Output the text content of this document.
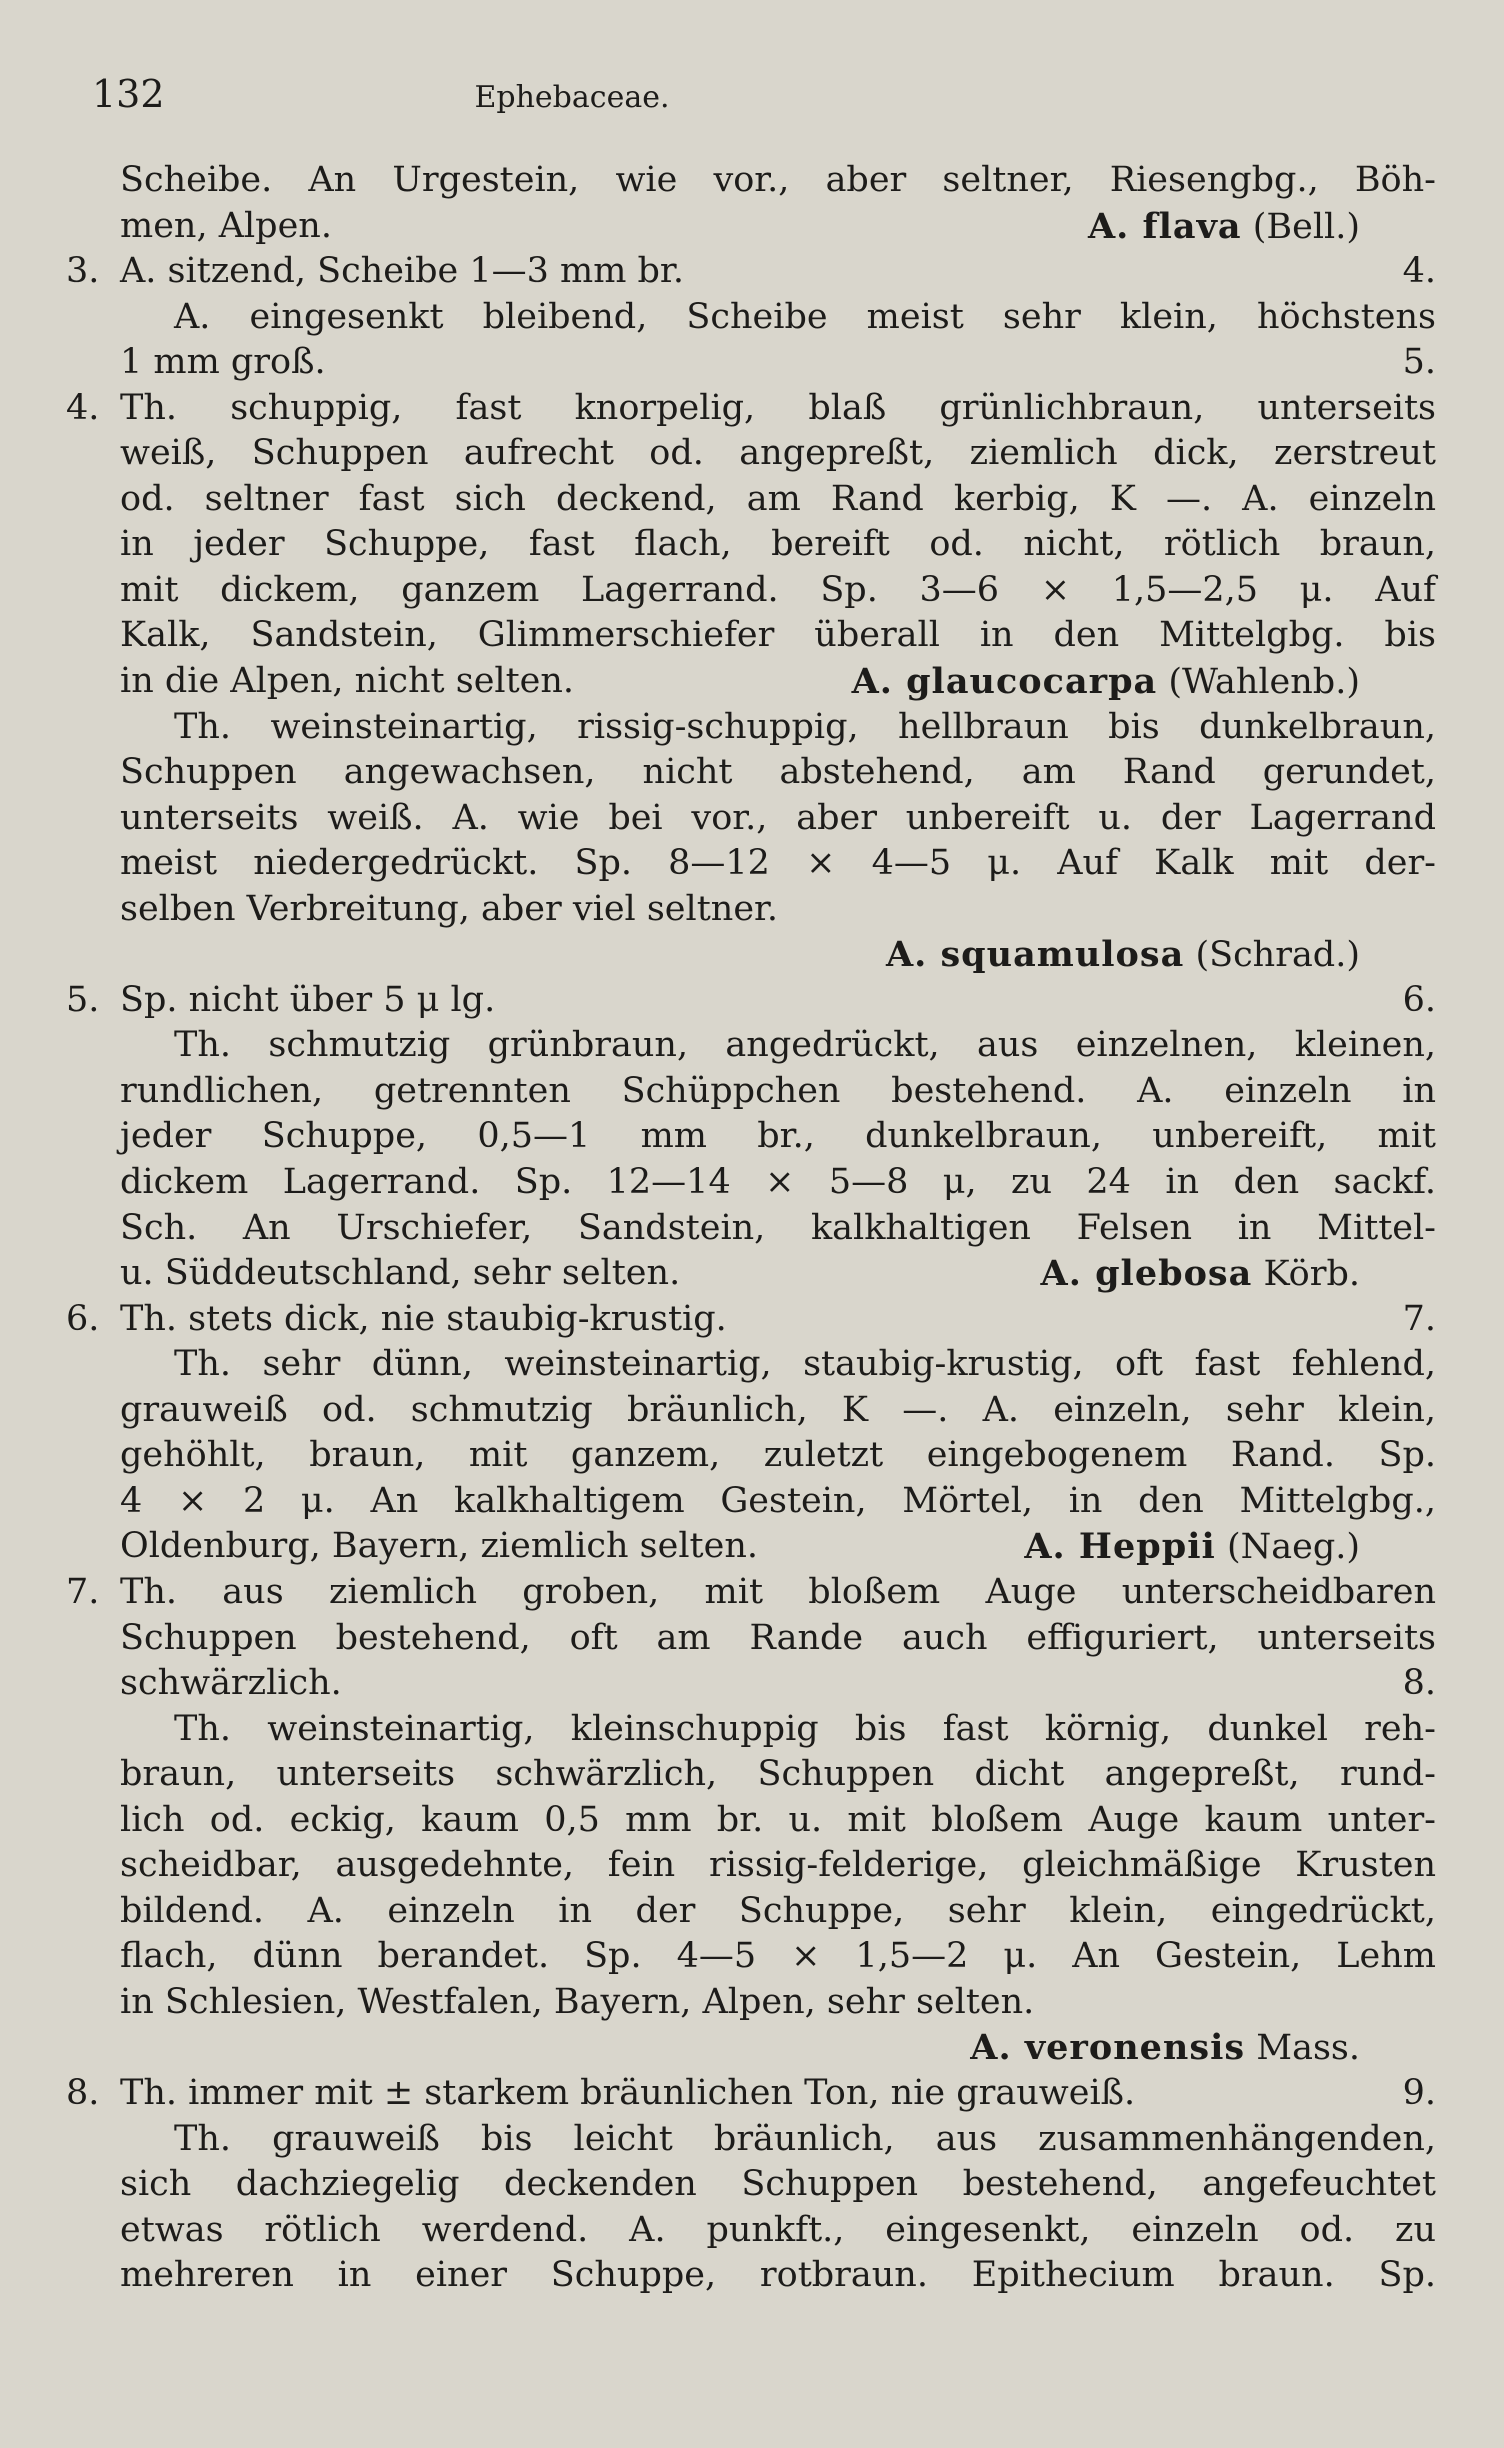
132	Ephebaceae.
Scheibe. An Urgestein, wie vor., aber seltner, Riesengbg., Böh-
men, Alpen.	A. flava (Bell.)
3. A. sitzend, Scheibe 1—3 mm br.	4.
A. eingesenkt bleibend, Scheibe meist sehr klein, höchstens
1 mm groß.	5.
4. Th. schuppig, fast knorpelig, blaß grünlichbraun, unterseits
weiß, Schuppen aufrecht od. angepreßt, ziemlich dick, zerstreut
od. seltner fast sich deckend, am Rand kerbig, K —. A. einzeln
in jeder Schuppe, fast flach, bereift od. nicht, rötlich braun,
mit dickem, ganzem Lagerrand. Sp. 3—6 × 1,5—2,5 μ. Auf
Kalk, Sandstein, Glimmerschiefer überall in den Mittelgbg. bis
in die Alpen, nicht selten.	A. glaucocarpa (Wahlenb.)
Th. weinsteinartig, rissig-schuppig, hellbraun bis dunkelbraun,
Schuppen angewachsen, nicht abstehend, am Rand gerundet,
unterseits weiß. A. wie bei vor., aber unbereift u. der Lagerrand
meist niedergedrückt. Sp. 8—12 × 4—5 μ. Auf Kalk mit der-
selben Verbreitung, aber viel seltner.
A. squamulosa (Schrad.)
5. Sp. nicht über 5 μ lg.	6.
Th. schmutzig grünbraun, angedrückt, aus einzelnen, kleinen,
rundlichen, getrennten Schüppchen bestehend. A. einzeln in
jeder Schuppe, 0,5—1 mm br., dunkelbraun, unbereift, mit
dickem Lagerrand. Sp. 12—14 × 5—8 μ, zu 24 in den sackf.
Sch. An Urschiefer, Sandstein, kalkhaltigen Felsen in Mittel-
u. Süddeutschland, sehr selten.	A. glebosa Körb.
6. Th. stets dick, nie staubig-krustig.	7.
Th. sehr dünn, weinsteinartig, staubig-krustig, oft fast fehlend,
grauweiß od. schmutzig bräunlich, K —. A. einzeln, sehr klein,
gehöhlt, braun, mit ganzem, zuletzt eingebogenem Rand. Sp.
4 × 2 μ. An kalkhaltigem Gestein, Mörtel, in den Mittelgbg.,
Oldenburg, Bayern, ziemlich selten.	A. Heppii (Naeg.)
7. Th. aus ziemlich groben, mit bloßem Auge unterscheidbaren
Schuppen bestehend, oft am Rande auch effiguriert, unterseits
schwärzlich.	8.
Th. weinsteinartig, kleinschuppig bis fast körnig, dunkel reh-
braun, unterseits schwärzlich, Schuppen dicht angepreßt, rund-
lich od. eckig, kaum 0,5 mm br. u. mit bloßem Auge kaum unter-
scheidbar, ausgedehnte, fein rissig-felderige, gleichmäßige Krusten
bildend. A. einzeln in der Schuppe, sehr klein, eingedrückt,
flach, dünn berandet. Sp. 4—5 × 1,5—2 μ. An Gestein, Lehm
in Schlesien, Westfalen, Bayern, Alpen, sehr selten.
A. veronensis Mass.
8. Th. immer mit ± starkem bräunlichen Ton, nie grauweiß.	9.
Th. grauweiß bis leicht bräunlich, aus zusammenhängenden,
sich dachziegelig deckenden Schuppen bestehend, angefeuchtet
etwas rötlich werdend. A. punkft., eingesenkt, einzeln od. zu
mehreren in einer Schuppe, rotbraun. Epithecium braun. Sp.
